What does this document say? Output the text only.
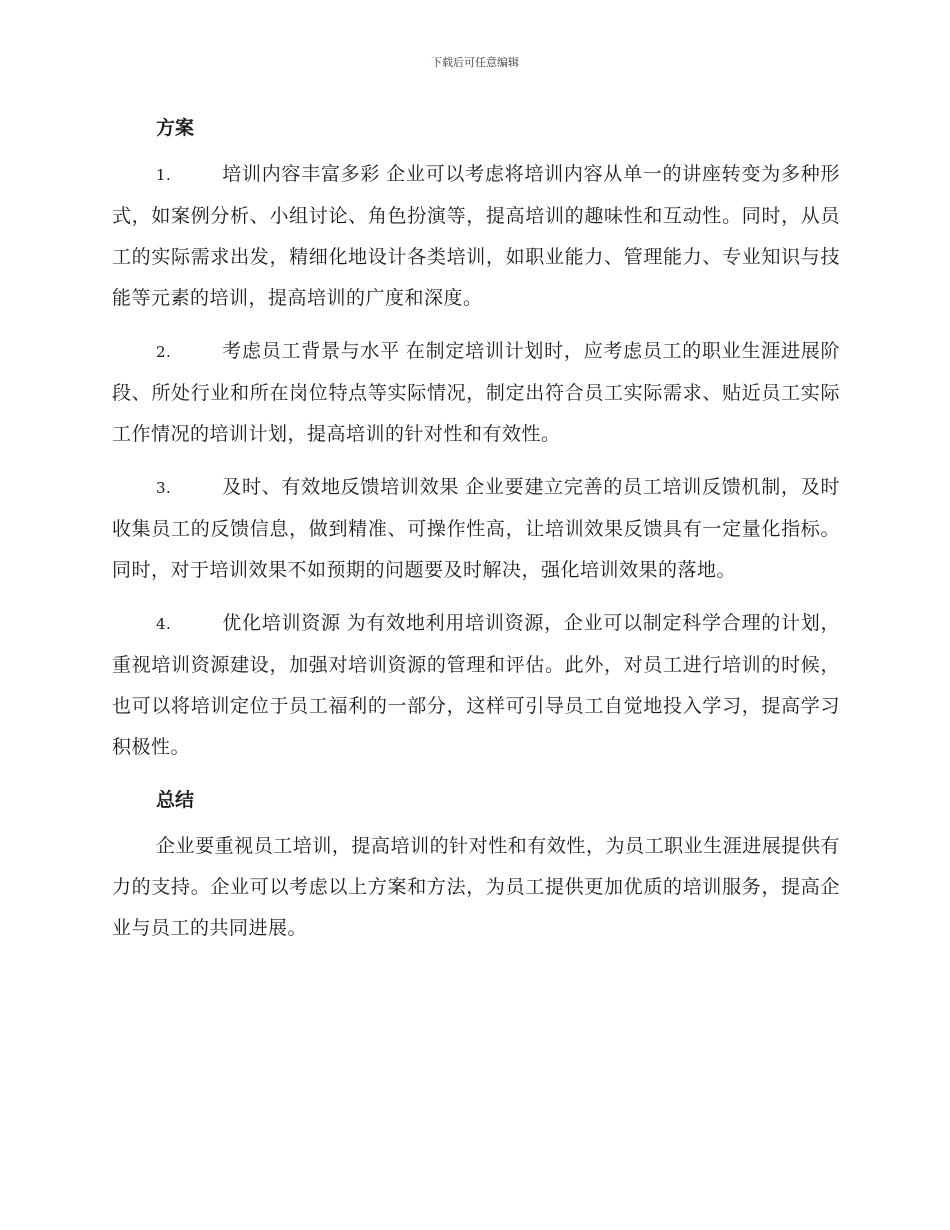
下载后可任意编辑
方案

1.	培训内容丰富多彩 企业可以考虑将培训内容从单一的讲座转变为多种形式，如案例分析、小组讨论、角色扮演等，提高培训的趣味性和互动性。同时，从员工的实际需求出发，精细化地设计各类培训，如职业能力、管理能力、专业知识与技能等元素的培训，提高培训的广度和深度。

2.	考虑员工背景与水平 在制定培训计划时，应考虑员工的职业生涯进展阶段、所处行业和所在岗位特点等实际情况，制定出符合员工实际需求、贴近员工实际工作情况的培训计划，提高培训的针对性和有效性。

3.	及时、有效地反馈培训效果 企业要建立完善的员工培训反馈机制，及时收集员工的反馈信息，做到精准、可操作性高，让培训效果反馈具有一定量化指标。同时，对于培训效果不如预期的问题要及时解决，强化培训效果的落地。

4.	优化培训资源 为有效地利用培训资源，企业可以制定科学合理的计划，重视培训资源建设，加强对培训资源的管理和评估。此外，对员工进行培训的时候，也可以将培训定位于员工福利的一部分，这样可引导员工自觉地投入学习，提高学习积极性。

总结

企业要重视员工培训，提高培训的针对性和有效性，为员工职业生涯进展提供有力的支持。企业可以考虑以上方案和方法，为员工提供更加优质的培训服务，提高企业与员工的共同进展。
